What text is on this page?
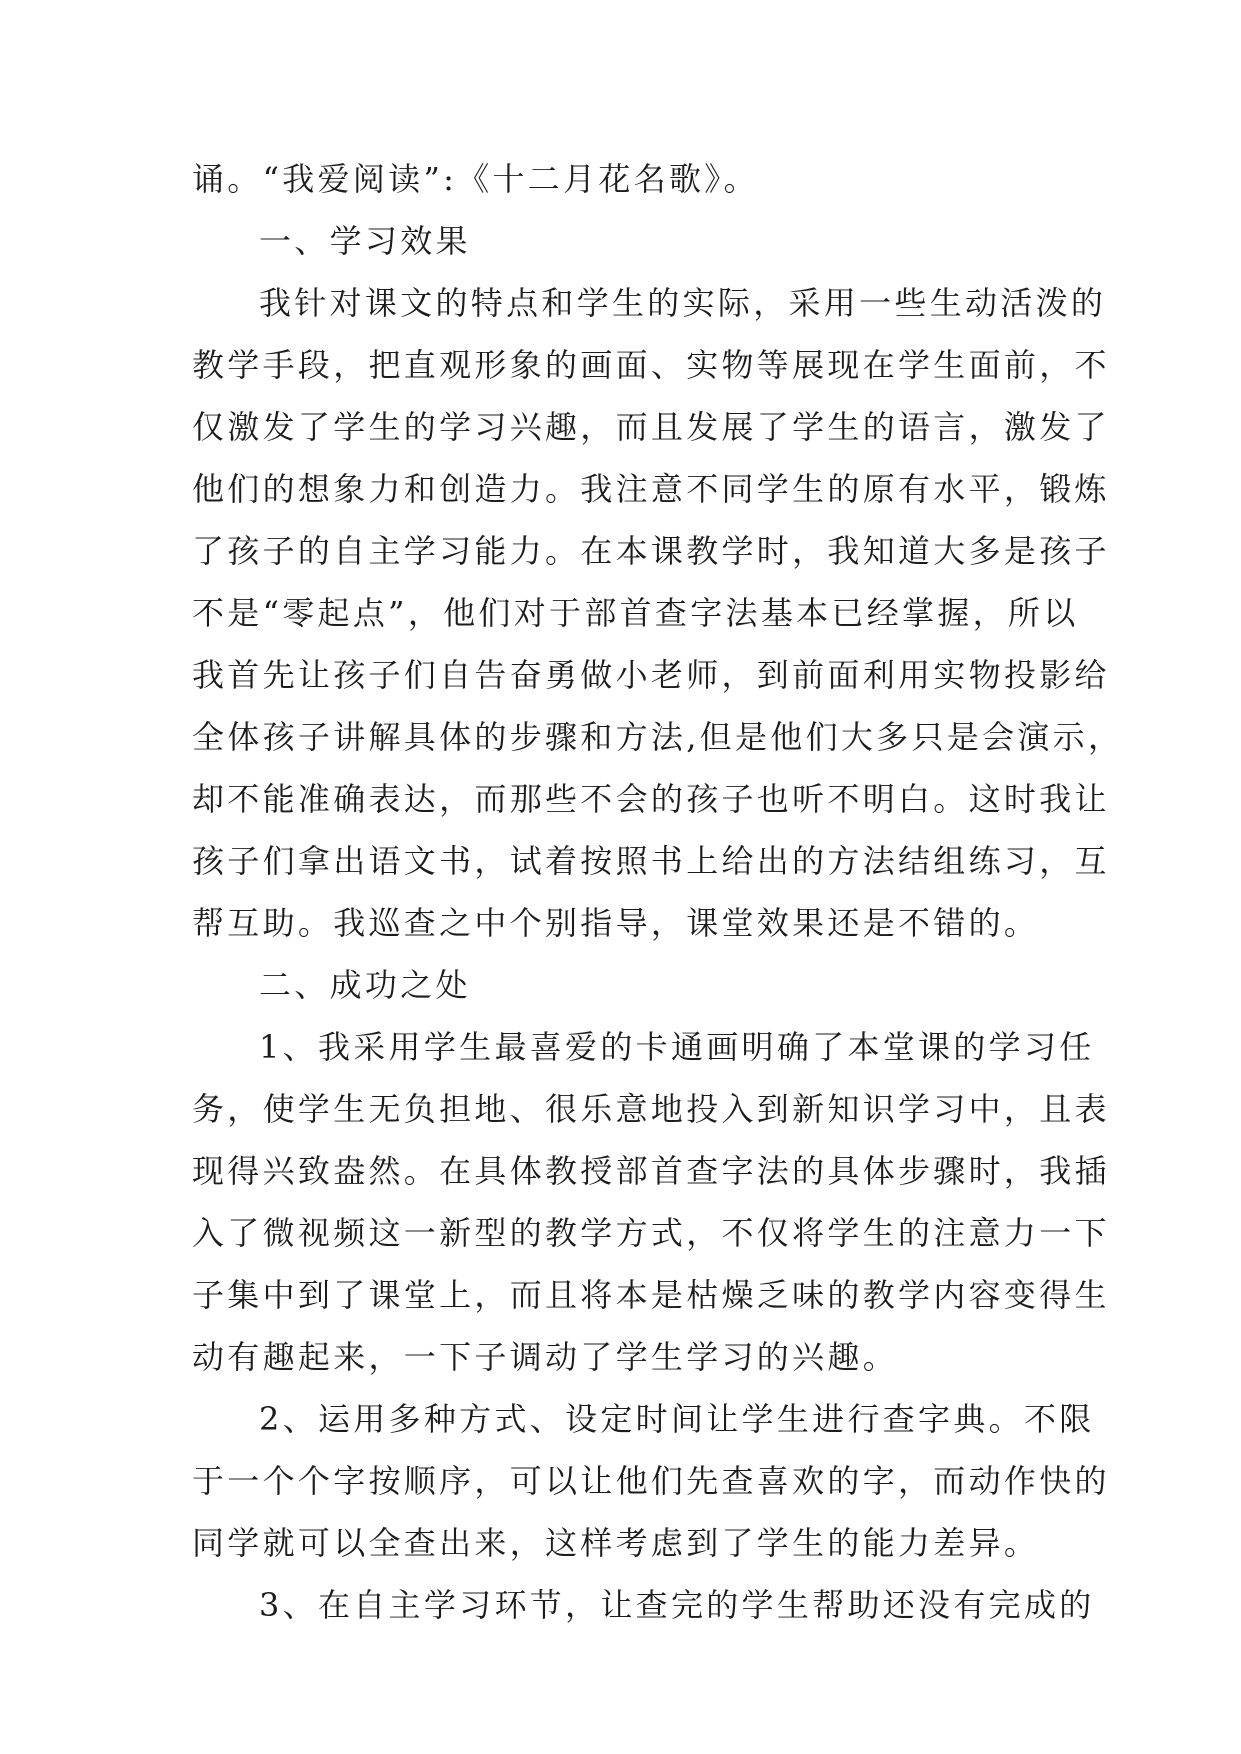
诵。“我爱阅读”:《十二月花名歌》。
一、学习效果
我针对课文的特点和学生的实际，采用一些生动活泼的
教学手段，把直观形象的画面、实物等展现在学生面前，不
仅激发了学生的学习兴趣，而且发展了学生的语言，激发了
他们的想象力和创造力。我注意不同学生的原有水平，锻炼
了孩子的自主学习能力。在本课教学时，我知道大多是孩子
不是“零起点”，他们对于部首查字法基本已经掌握，所以
我首先让孩子们自告奋勇做小老师，到前面利用实物投影给
全体孩子讲解具体的步骤和方法,但是他们大多只是会演示，
却不能准确表达，而那些不会的孩子也听不明白。这时我让
孩子们拿出语文书，试着按照书上给出的方法结组练习，互
帮互助。我巡查之中个别指导，课堂效果还是不错的。
二、成功之处
1、我采用学生最喜爱的卡通画明确了本堂课的学习任
务，使学生无负担地、很乐意地投入到新知识学习中，且表
现得兴致盎然。在具体教授部首查字法的具体步骤时，我插
入了微视频这一新型的教学方式，不仅将学生的注意力一下
子集中到了课堂上，而且将本是枯燥乏味的教学内容变得生
动有趣起来，一下子调动了学生学习的兴趣。
2、运用多种方式、设定时间让学生进行查字典。不限
于一个个字按顺序，可以让他们先查喜欢的字，而动作快的
同学就可以全查出来，这样考虑到了学生的能力差异。
3、在自主学习环节，让查完的学生帮助还没有完成的
